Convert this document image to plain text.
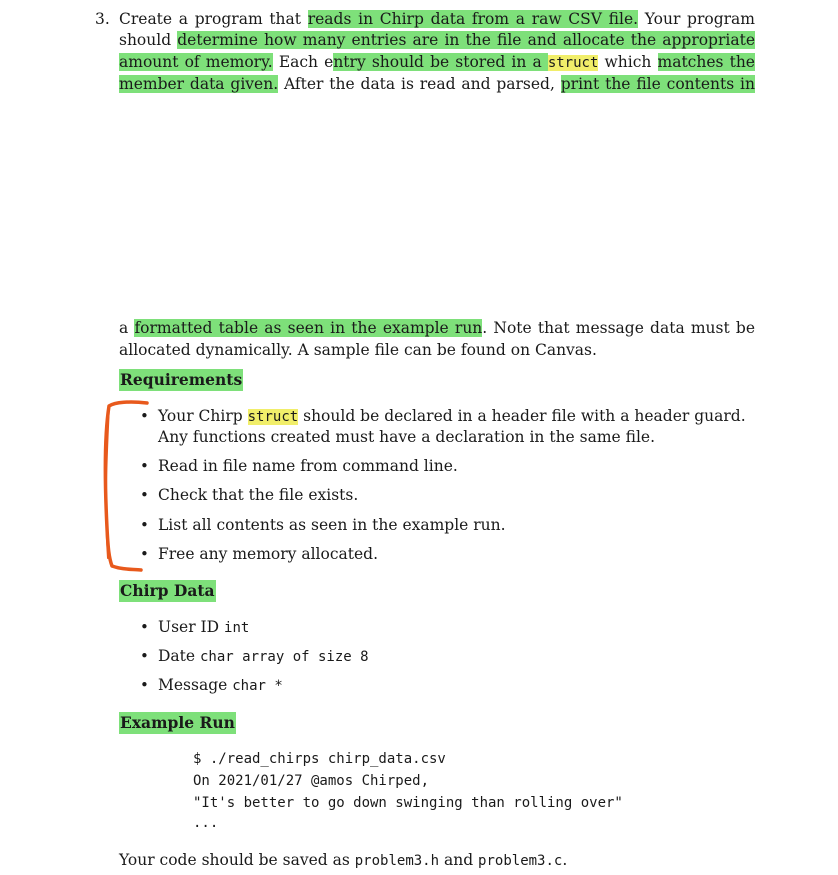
3. Create a program that reads in Chirp data from a raw CSV file. Your program
should determine how many entries are in the file and allocate the appropriate
amount of memory. Each entry should be stored in a struct which matches the
member data given. After the data is read and parsed, print the file contents in
a formatted table as seen in the example run. Note that message data must be
allocated dynamically. A sample file can be found on Canvas.
Requirements
• Your Chirp struct should be declared in a header file with a header guard.
Any functions created must have a declaration in the same file.
• Read in file name from command line.
• Check that the file exists.
• List all contents as seen in the example run.
• Free any memory allocated.
Chirp Data
• User ID int
• Date char array of size 8
• Message char *
Example Run
$ ./read_chirps chirp_data.csv
On 2021/01/27 @amos Chirped,
"It's better to go down swinging than rolling over"
...
Your code should be saved as problem3.h and problem3.c.
